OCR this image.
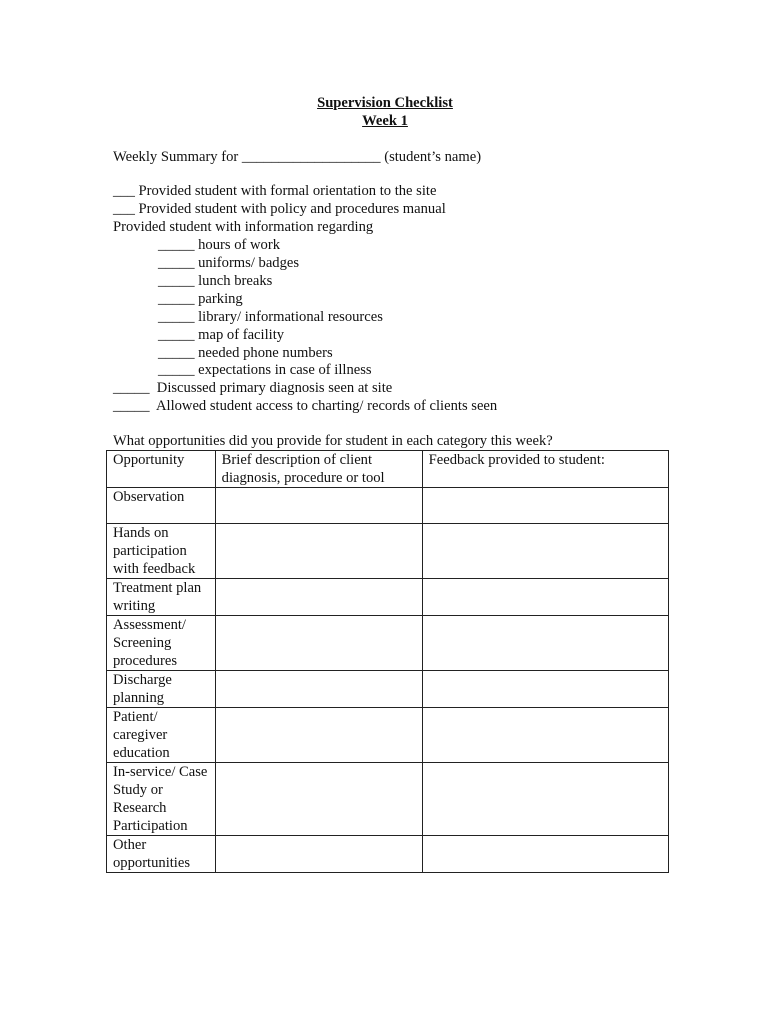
Supervision Checklist
Week 1
Weekly Summary for ___________________ (student’s name)
___ Provided student with formal orientation to the site
___ Provided student with policy and procedures manual
Provided student with information regarding
_____ hours of work
_____ uniforms/ badges
_____ lunch breaks
_____ parking
_____ library/ informational resources
_____ map of facility
_____ needed phone numbers
_____ expectations in case of illness
_____  Discussed primary diagnosis seen at site
_____  Allowed student access to charting/ records of clients seen
What opportunities did you provide for student in each category this week?
Opportunity	Brief description of client diagnosis, procedure or tool	Feedback provided to student:
Observation		
Hands on participation with feedback		
Treatment plan writing		
Assessment/ Screening procedures		
Discharge planning		
Patient/ caregiver education		
In-service/ Case Study or Research Participation		
Other opportunities		
